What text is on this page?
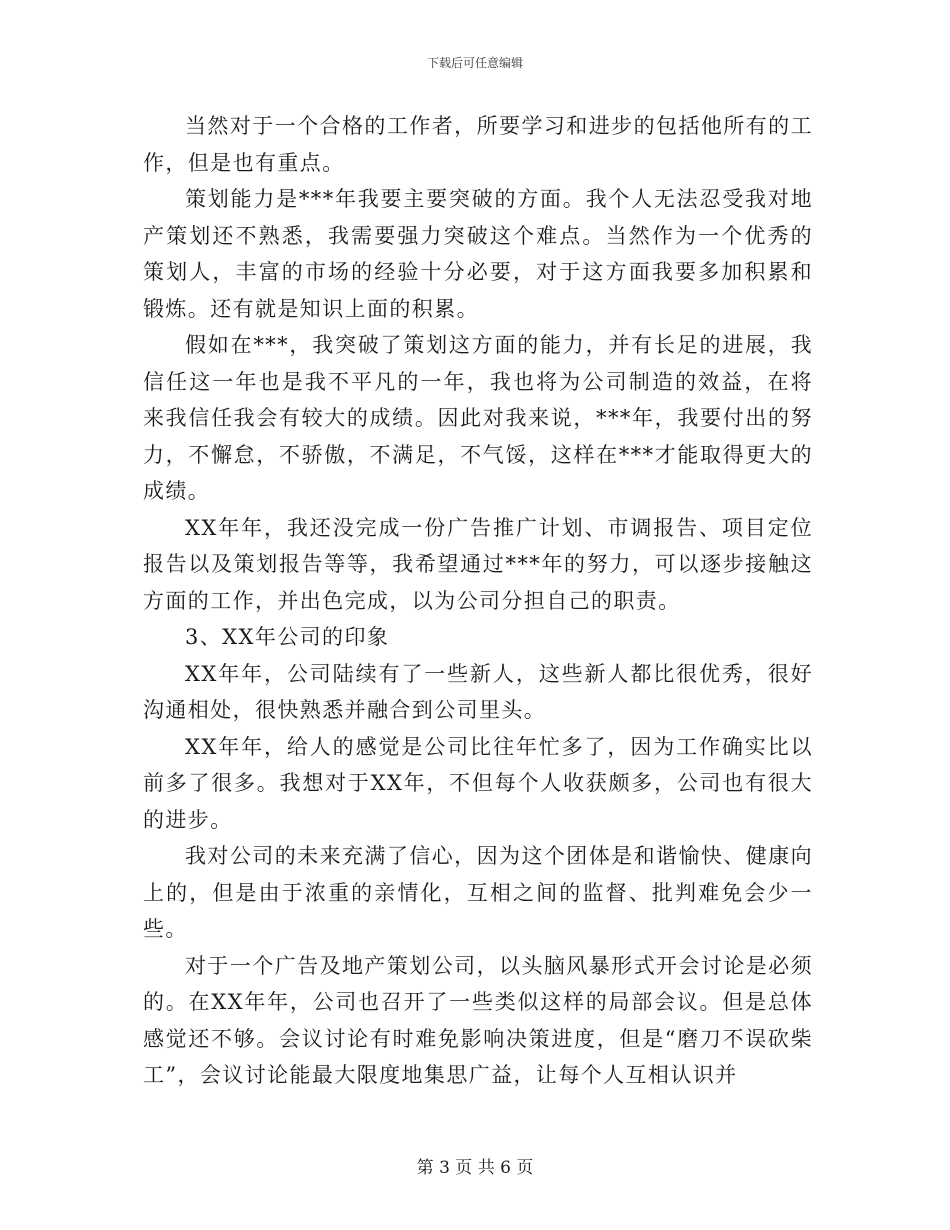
下载后可任意编辑

当然对于一个合格的工作者，所要学习和进步的包括他所有的工作，但是也有重点。

策划能力是***年我要主要突破的方面。我个人无法忍受我对地产策划还不熟悉，我需要强力突破这个难点。当然作为一个优秀的策划人，丰富的市场的经验十分必要，对于这方面我要多加积累和锻炼。还有就是知识上面的积累。

假如在***，我突破了策划这方面的能力，并有长足的进展，我信任这一年也是我不平凡的一年，我也将为公司制造的效益，在将来我信任我会有较大的成绩。因此对我来说，***年，我要付出的努力，不懈怠，不骄傲，不满足，不气馁，这样在***才能取得更大的成绩。

XX年年，我还没完成一份广告推广计划、市调报告、项目定位报告以及策划报告等等，我希望通过***年的努力，可以逐步接触这方面的工作，并出色完成，以为公司分担自己的职责。

3、XX年公司的印象

XX年年，公司陆续有了一些新人，这些新人都比很优秀，很好沟通相处，很快熟悉并融合到公司里头。

XX年年，给人的感觉是公司比往年忙多了，因为工作确实比以前多了很多。我想对于XX年，不但每个人收获颇多，公司也有很大的进步。

我对公司的未来充满了信心，因为这个团体是和谐愉快、健康向上的，但是由于浓重的亲情化，互相之间的监督、批判难免会少一些。

对于一个广告及地产策划公司，以头脑风暴形式开会讨论是必须的。在XX年年，公司也召开了一些类似这样的局部会议。但是总体感觉还不够。会议讨论有时难免影响决策进度，但是“磨刀不误砍柴工”，会议讨论能最大限度地集思广益，让每个人互相认识并

第 3 页 共 6 页
